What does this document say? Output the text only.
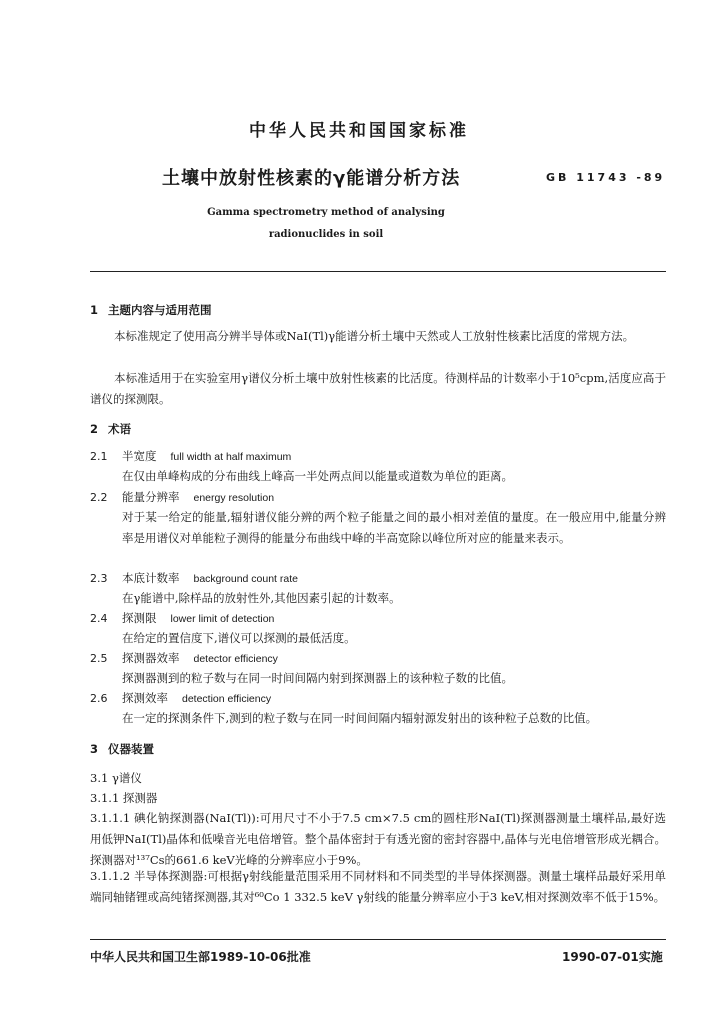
中华人民共和国国家标准
土壤中放射性核素的γ能谱分析方法	GB 11743 -89
Gamma spectrometry method of analysing
radionuclides in soil
1 主题内容与适用范围
本标准规定了使用高分辨半导体或NaI(Tl)γ能谱分析土壤中天然或人工放射性核素比活度的常规方法。
本标准适用于在实验室用γ谱仪分析土壤中放射性核素的比活度。待测样品的计数率小于10⁵cpm,活度应高于谱仪的探测限。
2 术语
2.1 半宽度 full width at half maximum
在仅由单峰构成的分布曲线上峰高一半处两点间以能量或道数为单位的距离。
2.2 能量分辨率 energy resolution
对于某一给定的能量,辐射谱仪能分辨的两个粒子能量之间的最小相对差值的量度。在一般应用中,能量分辨率是用谱仪对单能粒子测得的能量分布曲线中峰的半高宽除以峰位所对应的能量来表示。
2.3 本底计数率 background count rate
在γ能谱中,除样品的放射性外,其他因素引起的计数率。
2.4 探测限 lower limit of detection
在给定的置信度下,谱仪可以探测的最低活度。
2.5 探测器效率 detector efficiency
探测器测到的粒子数与在同一时间间隔内射到探测器上的该种粒子数的比值。
2.6 探测效率 detection efficiency
在一定的探测条件下,测到的粒子数与在同一时间间隔内辐射源发射出的该种粒子总数的比值。
3 仪器装置
3.1 γ谱仪
3.1.1 探测器
3.1.1.1 碘化钠探测器(NaI(Tl)):可用尺寸不小于7.5 cm×7.5 cm的圆柱形NaI(Tl)探测器测量土壤样品,最好选用低钾NaI(Tl)晶体和低噪音光电倍增管。整个晶体密封于有透光窗的密封容器中,晶体与光电倍增管形成光耦合。探测器对¹³⁷Cs的661.6 keV光峰的分辨率应小于9%。
3.1.1.2 半导体探测器:可根据γ射线能量范围采用不同材料和不同类型的半导体探测器。测量土壤样品最好采用单端同轴锗锂或高纯锗探测器,其对⁶⁰Co 1 332.5 keV γ射线的能量分辨率应小于3 keV,相对探测效率不低于15%。
中华人民共和国卫生部1989-10-06批准	1990-07-01实施
